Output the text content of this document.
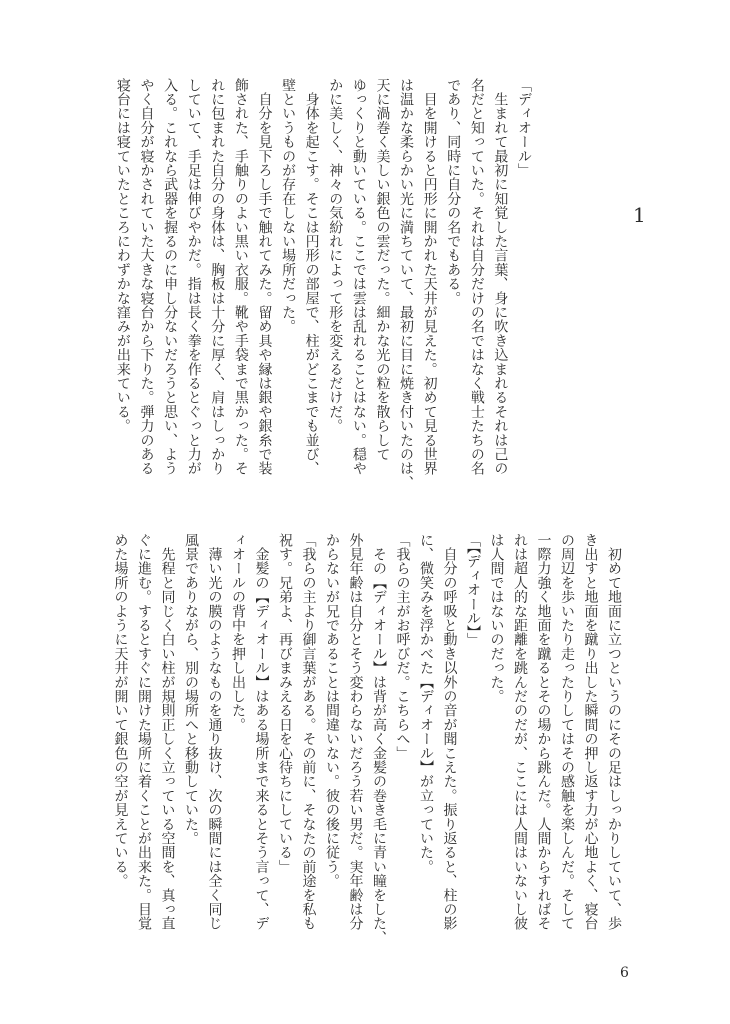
1
「ディオール」
　生まれて最初に知覚した言葉、身に吹き込まれるそれは己の
名だと知っていた。それは自分だけの名ではなく戦士たちの名
であり、同時に自分の名でもある。
　目を開けると円形に開かれた天井が見えた。初めて見る世界
は温かな柔らかい光に満ちていて、最初に目に焼き付いたのは、
天に渦巻く美しい銀色の雲だった。細かな光の粒を散らして
ゆっくりと動いている。ここでは雲は乱れることはない。穏や
かに美しく、神々の気紛れによって形を変えるだけだ。
　身体を起こす。そこは円形の部屋で、柱がどこまでも並び、
壁というものが存在しない場所だった。
　自分を見下ろし手で触れてみた。留め具や縁は銀や銀糸で装
飾された、手触りのよい黒い衣服。靴や手袋まで黒かった。そ
れに包まれた自分の身体は、胸板は十分に厚く、肩はしっかり
していて、手足は伸びやかだ。指は長く拳を作るとぐっと力が
入る。これなら武器を握るのに申し分ないだろうと思い、よう
やく自分が寝かされていた大きな寝台から下りた。弾力のある
寝台には寝ていたところにわずかな窪みが出来ている。
　初めて地面に立つというのにその足はしっかりしていて、歩
き出すと地面を蹴り出した瞬間の押し返す力が心地よく、寝台
の周辺を歩いたり走ったりしてはその感触を楽しんだ。そして
一際力強く地面を蹴るとその場から跳んだ。人間からすればそ
れは超人的な距離を跳んだのだが、ここには人間はいないし彼
は人間ではないのだった。
「【ディオール】」
　自分の呼吸と動き以外の音が聞こえた。振り返ると、柱の影
に、微笑みを浮かべた【ディオール】が立っていた。
「我らの主がお呼びだ。こちらへ」
　その【ディオール】は背が高く金髪の巻き毛に青い瞳をした、
外見年齢は自分とそう変わらないだろう若い男だ。実年齢は分
からないが兄であることは間違いない。彼の後に従う。
「我らの主より御言葉がある。その前に、そなたの前途を私も
祝す。兄弟よ、再びまみえる日を心待ちにしている」
　金髪の【ディオール】はある場所まで来るとそう言って、デ
ィオールの背中を押し出した。
　薄い光の膜のようなものを通り抜け、次の瞬間には全く同じ
風景でありながら、別の場所へと移動していた。
　先程と同じく白い柱が規則正しく立っている空間を、真っ直
ぐに進む。するとすぐに開けた場所に着くことが出来た。目覚
めた場所のように天井が開いて銀色の空が見えている。
6
